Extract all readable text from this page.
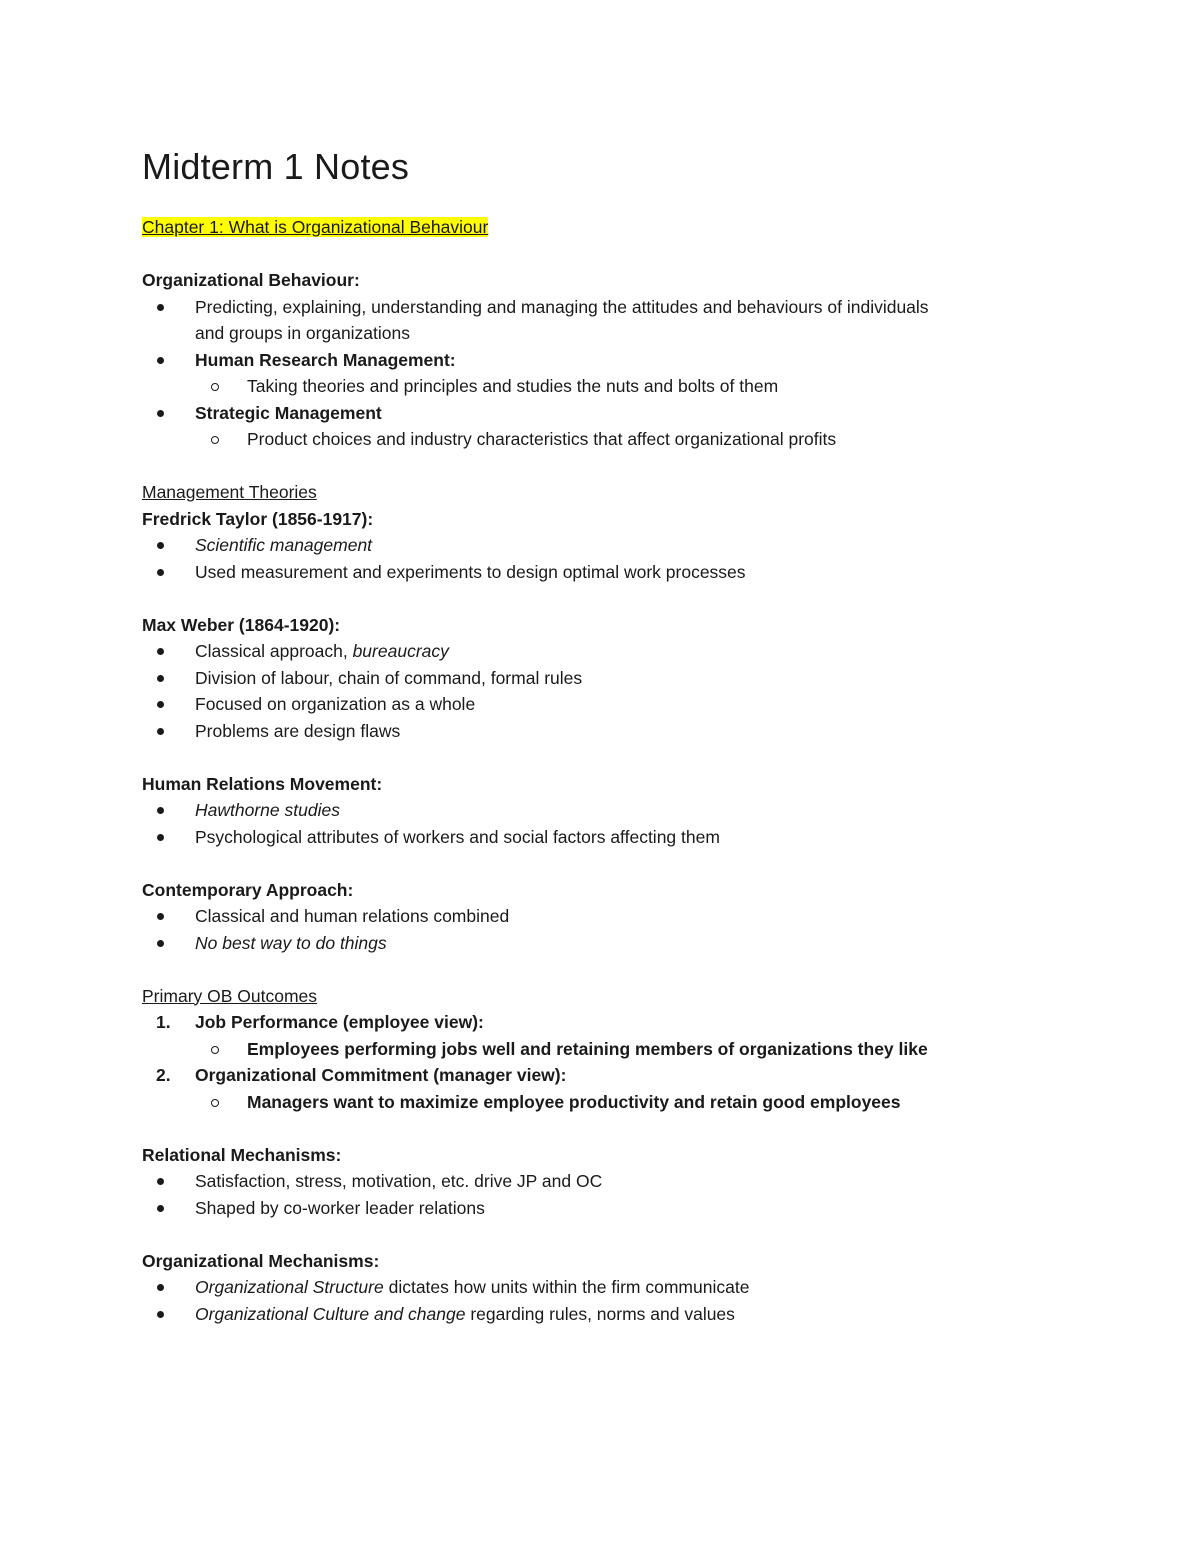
Midterm 1 Notes
Chapter 1: What is Organizational Behaviour
Organizational Behaviour:
Predicting, explaining, understanding and managing the attitudes and behaviours of individuals
and groups in organizations
Human Research Management:
Taking theories and principles and studies the nuts and bolts of them
Strategic Management
Product choices and industry characteristics that affect organizational profits
Management Theories
Fredrick Taylor (1856-1917):
Scientific management
Used measurement and experiments to design optimal work processes
Max Weber (1864-1920):
Classical approach, bureaucracy
Division of labour, chain of command, formal rules
Focused on organization as a whole
Problems are design flaws
Human Relations Movement:
Hawthorne studies
Psychological attributes of workers and social factors affecting them
Contemporary Approach:
Classical and human relations combined
No best way to do things
Primary OB Outcomes
1. Job Performance (employee view):
Employees performing jobs well and retaining members of organizations they like
2. Organizational Commitment (manager view):
Managers want to maximize employee productivity and retain good employees
Relational Mechanisms:
Satisfaction, stress, motivation, etc. drive JP and OC
Shaped by co-worker leader relations
Organizational Mechanisms:
Organizational Structure dictates how units within the firm communicate
Organizational Culture and change regarding rules, norms and values
